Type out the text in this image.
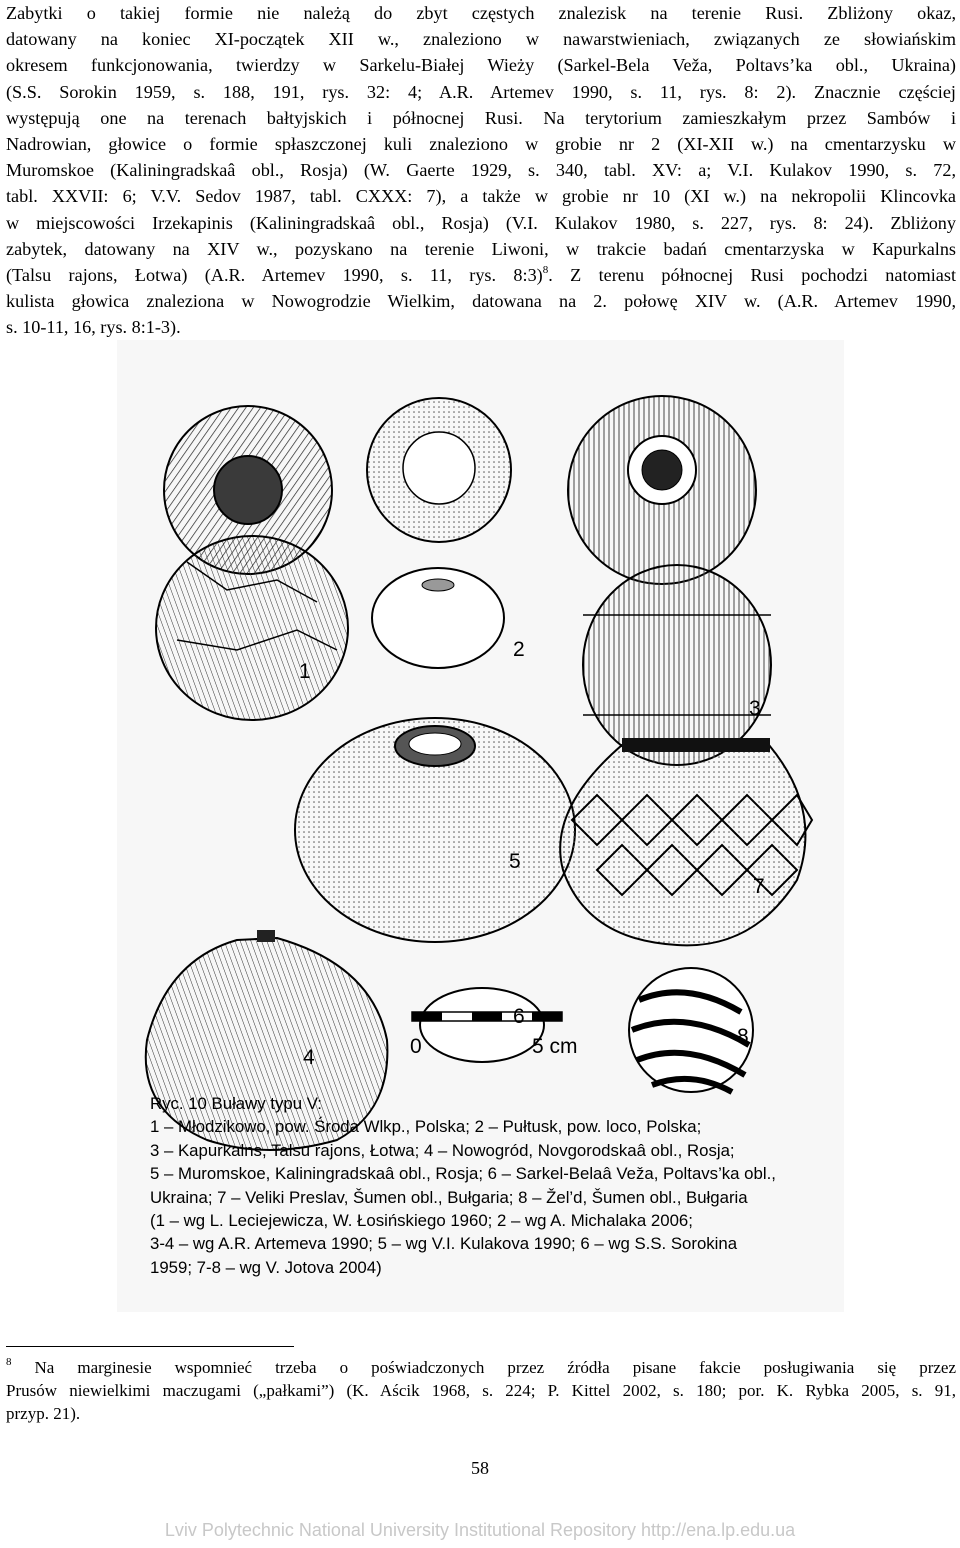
Zabytki o takiej formie nie należą do zbyt częstych znalezisk na terenie Rusi. Zbliżony okaz,
datowany na koniec XI-początek XII w., znaleziono w nawarstwieniach, związanych ze słowiańskim
okresem funkcjonowania, twierdzy w Sarkelu-Białej Wieży (Sarkel-Bela Veža, Poltavs’ka obl., Ukraina)
(S.S. Sorokin 1959, s. 188, 191, rys. 32: 4; A.R. Artemev 1990, s. 11, rys. 8: 2). Znacznie częściej
występują one na terenach bałtyjskich i północnej Rusi. Na terytorium zamieszkałym przez Sambów i
Nadrowian, głowice o formie spłaszczonej kuli znaleziono w grobie nr 2 (XI-XII w.) na cmentarzysku w
Muromskoe (Kaliningradskaâ obl., Rosja) (W. Gaerte 1929, s. 340, tabl. XV: a; V.I. Kulakov 1990, s. 72,
tabl. XXVII: 6; V.V. Sedov 1987, tabl. CXXX: 7), a także w grobie nr 10 (XI w.) na nekropolii Klincovka
w miejscowości Irzekapinis (Kaliningradskaâ obl., Rosja) (V.I. Kulakov 1980, s. 227, rys. 8: 24). Zbliżony
zabytek, datowany na XIV w., pozyskano na terenie Liwoni, w trakcie badań cmentarzyska w Kapurkalns
(Talsu rajons, Łotwa) (A.R. Artemev 1990, s. 11, rys. 8:3)$^8$. Z terenu północnej Rusi pochodzi natomiast
kulista głowica znaleziona w Nowogrodzie Wielkim, datowana na 2. połowę XIV w. (A.R. Artemev 1990,
s. 10-11, 16, rys. 8:1-3).
1
2
3
4
5
6
7
8
0	5 cm
Ryc. 10 Buławy typu V:
1 – Młodzikowo, pow. Środa Wlkp., Polska; 2 – Pułtusk, pow. loco, Polska;
3 – Kapurkalns, Talsu rajons, Łotwa; 4 – Nowogród, Novgorodskaâ obl., Rosja;
5 – Muromskoe, Kaliningradskaâ obl., Rosja; 6 – Sarkel-Belaâ Veža, Poltavs’ka obl.,
Ukraina; 7 – Veliki Preslav, Šumen obl., Bułgaria; 8 – Žel’d, Šumen obl., Bułgaria
(1 – wg L. Leciejewicza, W. Łosińskiego 1960; 2 – wg A. Michalaka 2006;
3-4 – wg A.R. Artemeva 1990; 5 – wg V.I. Kulakova 1990; 6 – wg S.S. Sorokina
1959; 7-8 – wg V. Jotova 2004)
$^8$ Na marginesie wspomnieć trzeba o poświadczonych przez źródła pisane fakcie posługiwania się przez
Prusów niewielkimi maczugami („pałkami”) (K. Aścik 1968, s. 224; P. Kittel 2002, s. 180; por. K. Rybka 2005, s. 91,
przyp. 21).
58
Lviv Polytechnic National University Institutional Repository http://ena.lp.edu.ua
